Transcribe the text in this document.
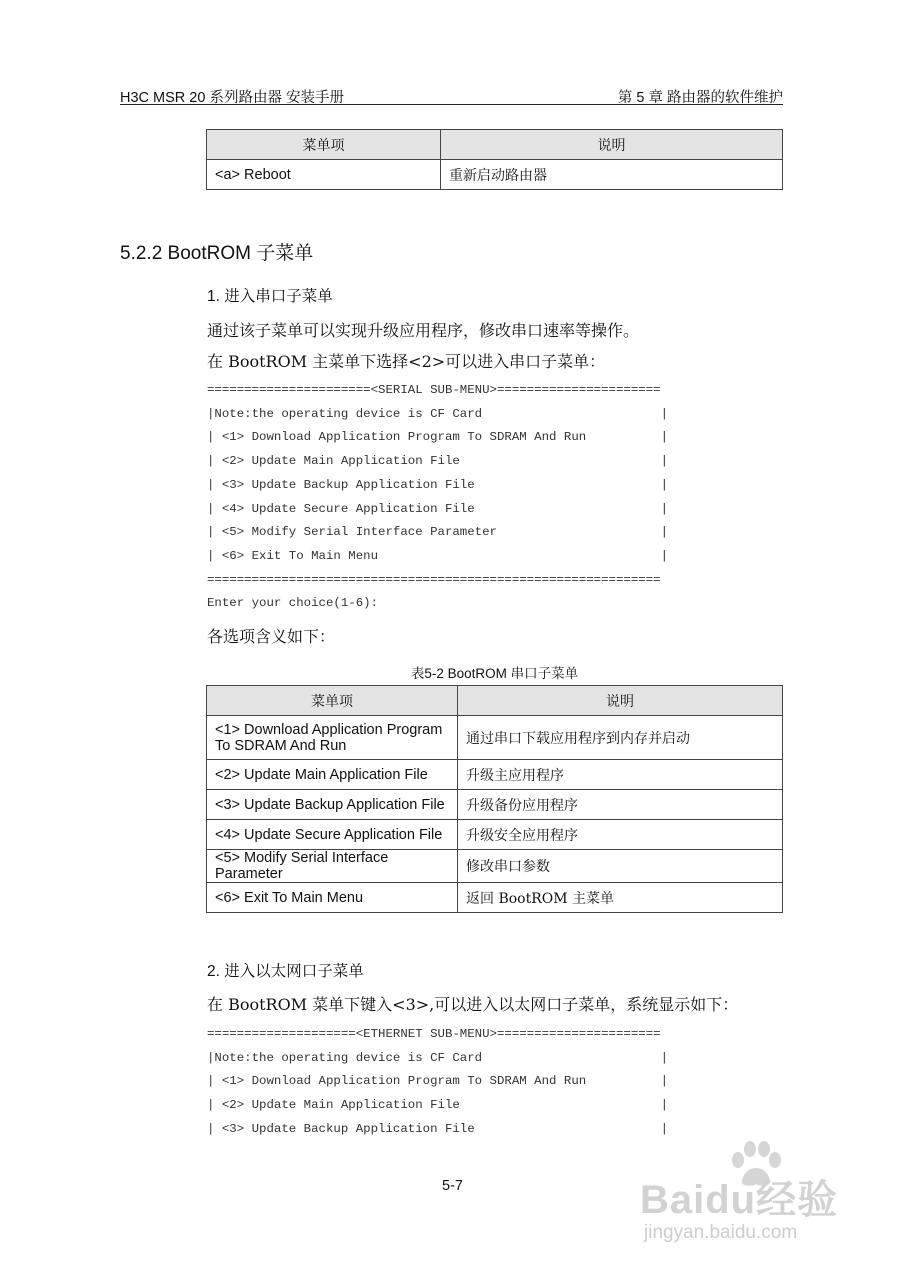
H3C MSR 20 系列路由器 安装手册	第 5 章 路由器的软件维护
菜单项	说明
<a> Reboot	重新启动路由器
5.2.2 BootROM 子菜单
1. 进入串口子菜单
通过该子菜单可以实现升级应用程序，修改串口速率等操作。
在 BootROM 主菜单下选择<2>可以进入串口子菜单：
======================<SERIAL SUB-MENU>======================
|Note:the operating device is CF Card                        |
| <1> Download Application Program To SDRAM And Run          |
| <2> Update Main Application File                           |
| <3> Update Backup Application File                         |
| <4> Update Secure Application File                         |
| <5> Modify Serial Interface Parameter                      |
| <6> Exit To Main Menu                                      |
=============================================================
Enter your choice(1-6):
各选项含义如下：
表5-2 BootROM 串口子菜单
菜单项	说明
<1> Download Application Program To SDRAM And Run	通过串口下载应用程序到内存并启动
<2> Update Main Application File	升级主应用程序
<3> Update Backup Application File	升级备份应用程序
<4> Update Secure Application File	升级安全应用程序
<5> Modify Serial Interface Parameter	修改串口参数
<6> Exit To Main Menu	返回 BootROM 主菜单
2. 进入以太网口子菜单
在 BootROM 菜单下键入<3>,可以进入以太网口子菜单，系统显示如下：
====================<ETHERNET SUB-MENU>======================
|Note:the operating device is CF Card                        |
| <1> Download Application Program To SDRAM And Run          |
| <2> Update Main Application File                           |
| <3> Update Backup Application File                         |
5-7	Baidu经验
jingyan.baidu.com
